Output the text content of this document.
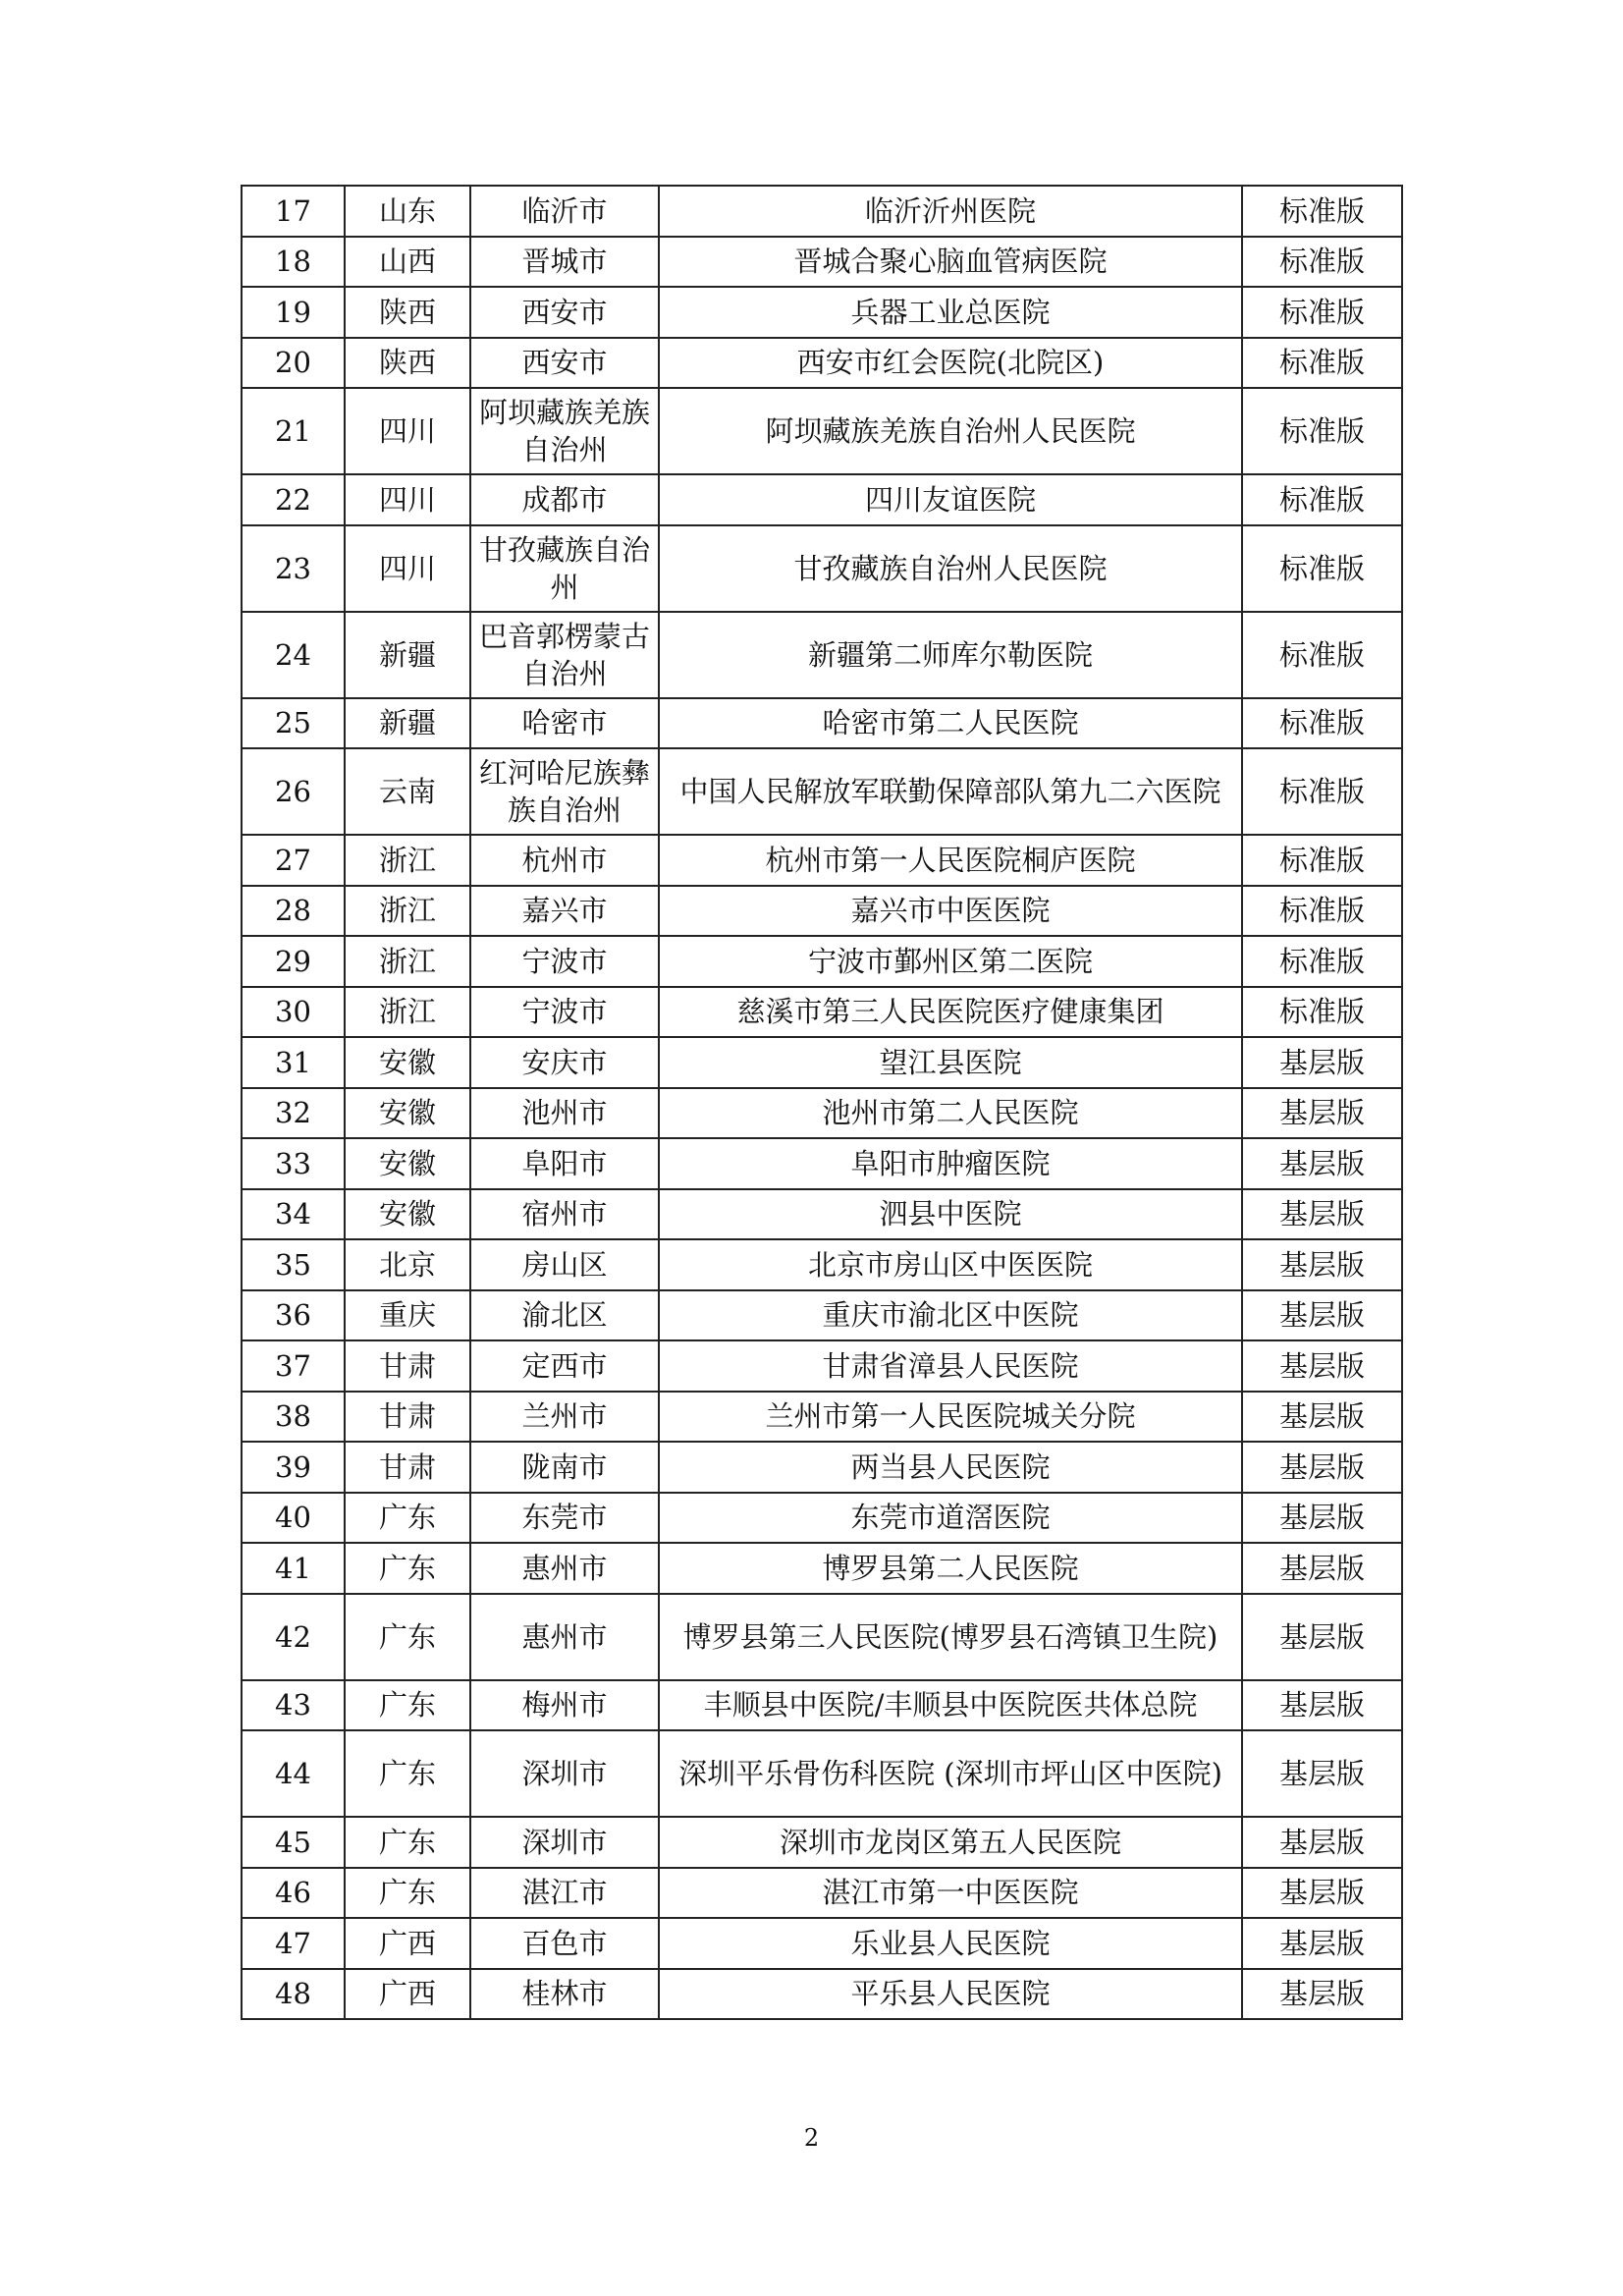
17	山东	临沂市	临沂沂州医院	标准版
18	山西	晋城市	晋城合聚心脑血管病医院	标准版
19	陕西	西安市	兵器工业总医院	标准版
20	陕西	西安市	西安市红会医院(北院区)	标准版
21	四川	阿坝藏族羌族自治州	阿坝藏族羌族自治州人民医院	标准版
22	四川	成都市	四川友谊医院	标准版
23	四川	甘孜藏族自治州	甘孜藏族自治州人民医院	标准版
24	新疆	巴音郭楞蒙古自治州	新疆第二师库尔勒医院	标准版
25	新疆	哈密市	哈密市第二人民医院	标准版
26	云南	红河哈尼族彝族自治州	中国人民解放军联勤保障部队第九二六医院	标准版
27	浙江	杭州市	杭州市第一人民医院桐庐医院	标准版
28	浙江	嘉兴市	嘉兴市中医医院	标准版
29	浙江	宁波市	宁波市鄞州区第二医院	标准版
30	浙江	宁波市	慈溪市第三人民医院医疗健康集团	标准版
31	安徽	安庆市	望江县医院	基层版
32	安徽	池州市	池州市第二人民医院	基层版
33	安徽	阜阳市	阜阳市肿瘤医院	基层版
34	安徽	宿州市	泗县中医院	基层版
35	北京	房山区	北京市房山区中医医院	基层版
36	重庆	渝北区	重庆市渝北区中医院	基层版
37	甘肃	定西市	甘肃省漳县人民医院	基层版
38	甘肃	兰州市	兰州市第一人民医院城关分院	基层版
39	甘肃	陇南市	两当县人民医院	基层版
40	广东	东莞市	东莞市道滘医院	基层版
41	广东	惠州市	博罗县第二人民医院	基层版
42	广东	惠州市	博罗县第三人民医院(博罗县石湾镇卫生院)	基层版
43	广东	梅州市	丰顺县中医院/丰顺县中医院医共体总院	基层版
44	广东	深圳市	深圳平乐骨伤科医院 (深圳市坪山区中医院)	基层版
45	广东	深圳市	深圳市龙岗区第五人民医院	基层版
46	广东	湛江市	湛江市第一中医医院	基层版
47	广西	百色市	乐业县人民医院	基层版
48	广西	桂林市	平乐县人民医院	基层版
2
